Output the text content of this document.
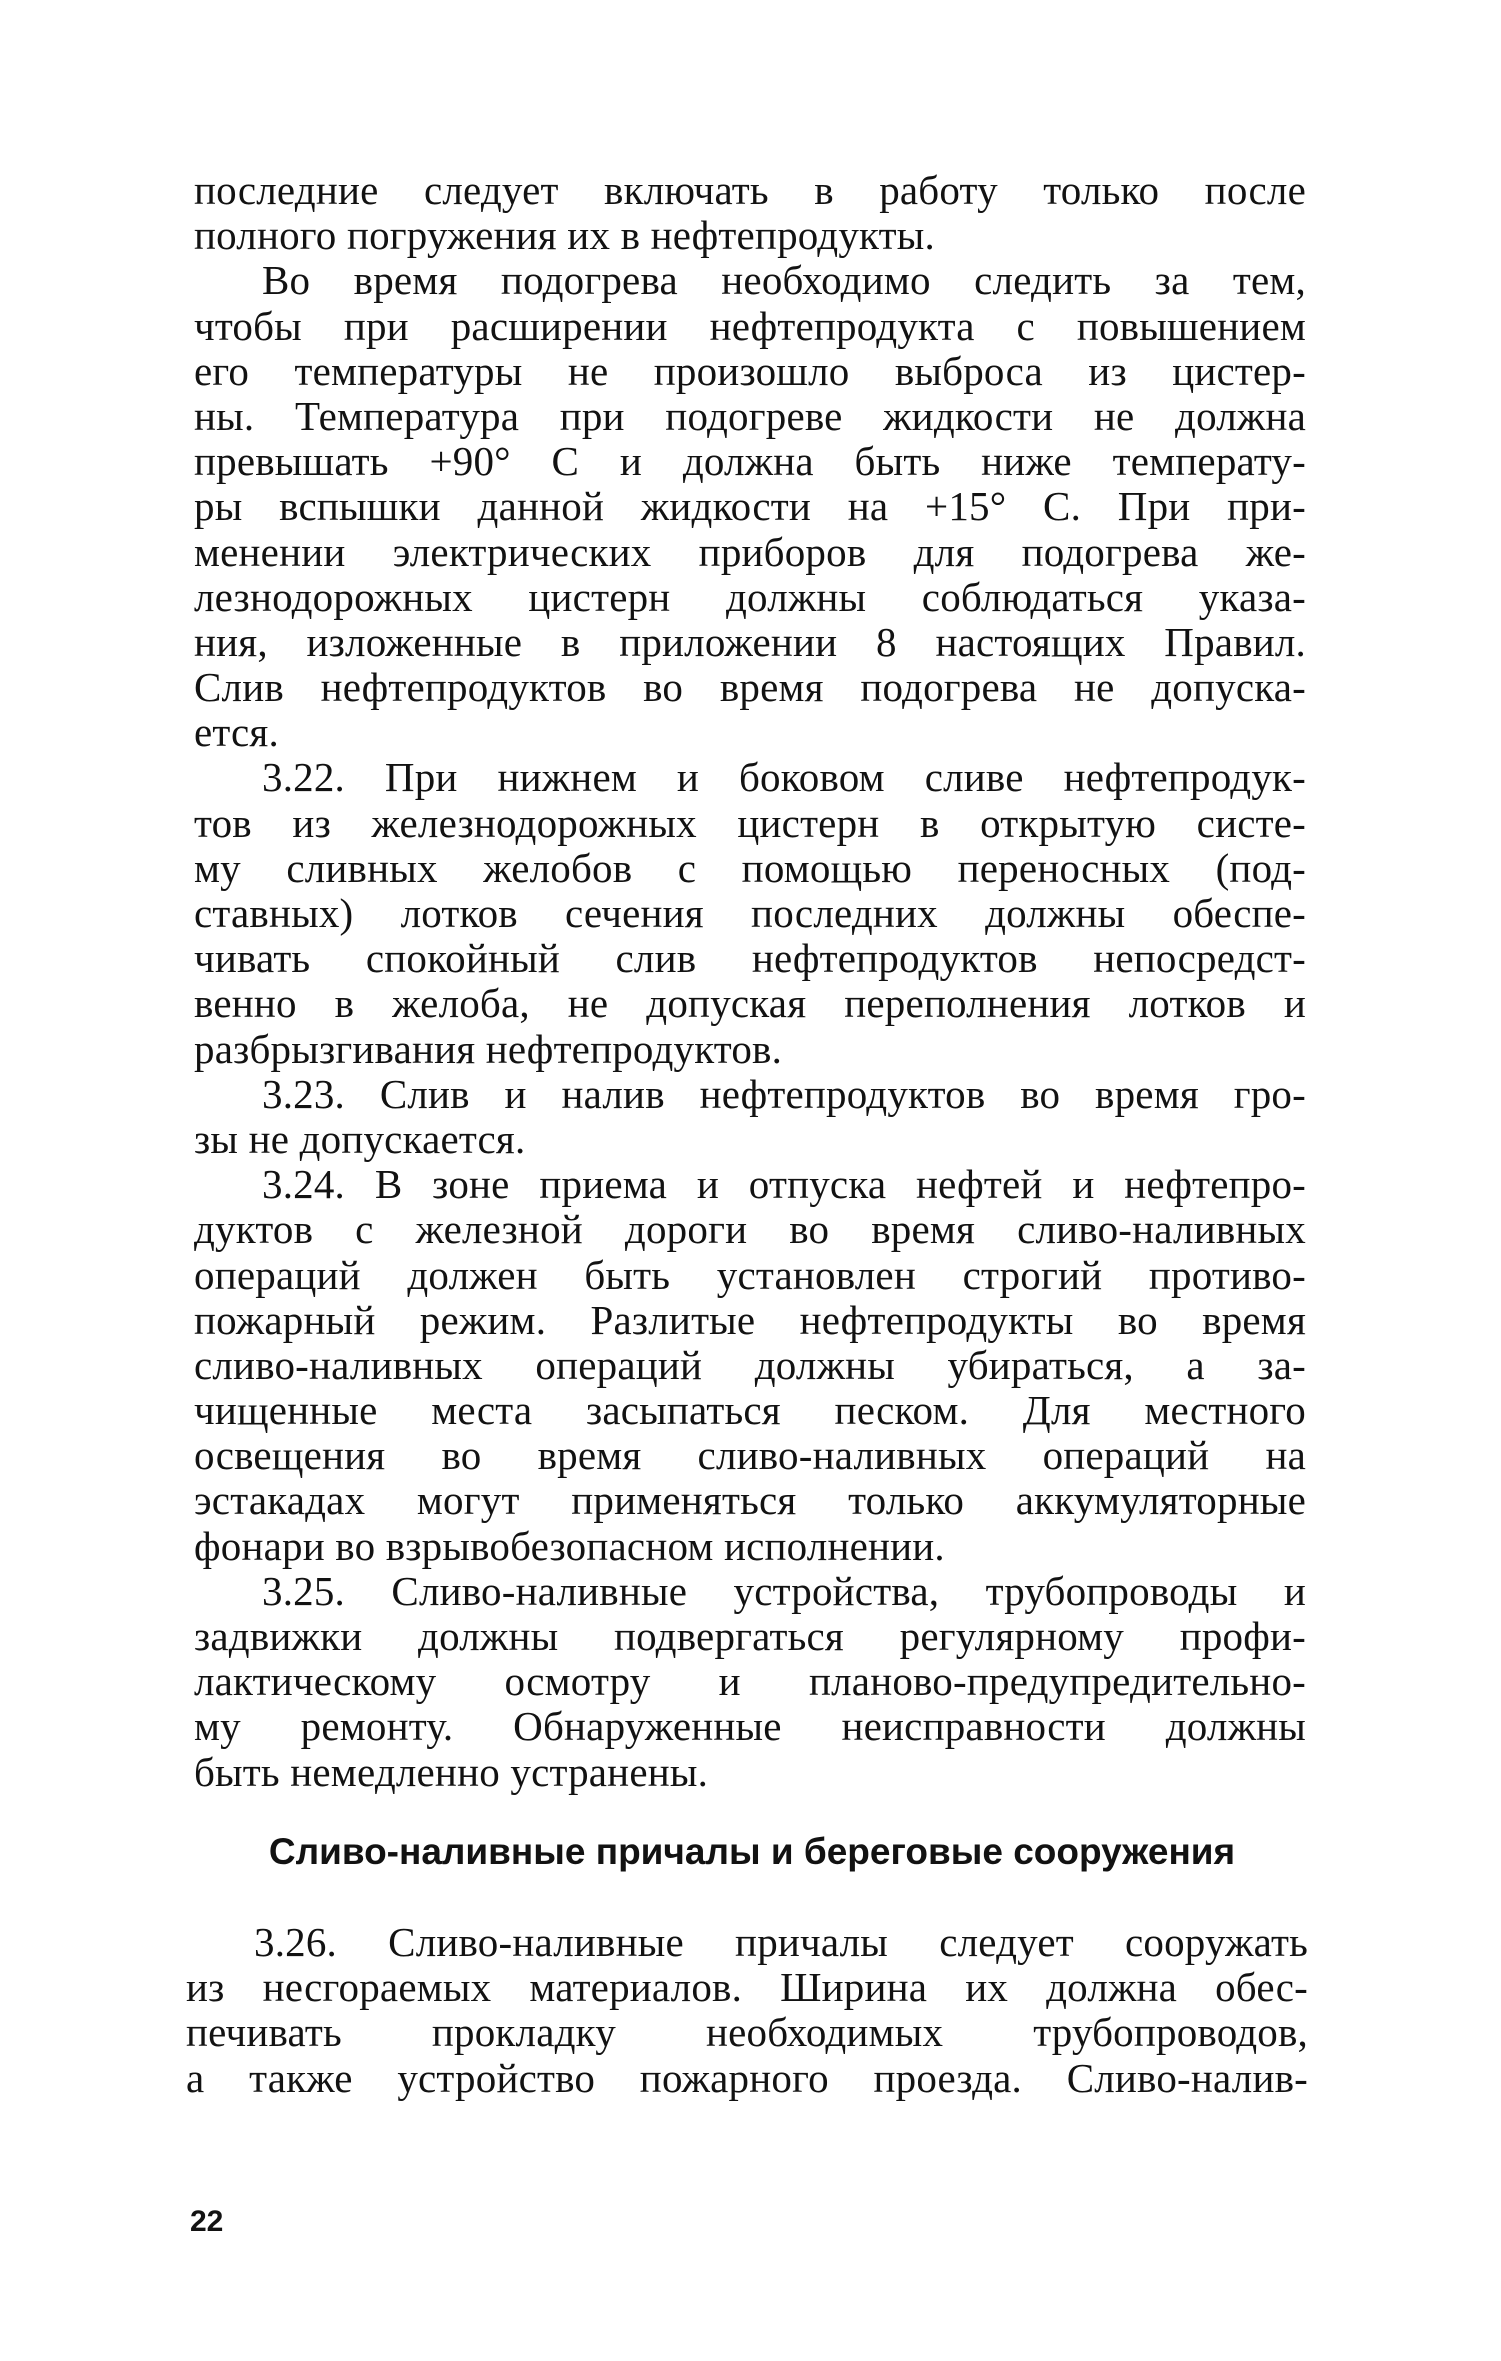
последние следует включать в работу только после
полного погружения их в нефтепродукты.
Во время подогрева необходимо следить за тем,
чтобы при расширении нефтепродукта с повышением
его температуры не произошло выброса из цистер-
ны. Температура при подогреве жидкости не должна
превышать +90° С и должна быть ниже температу-
ры вспышки данной жидкости на +15° С. При при-
менении электрических приборов для подогрева же-
лезнодорожных цистерн должны соблюдаться указа-
ния, изложенные в приложении 8 настоящих Правил.
Слив нефтепродуктов во время подогрева не допуска-
ется.
3.22. При нижнем и боковом сливе нефтепродук-
тов из железнодорожных цистерн в открытую систе-
му сливных желобов с помощью переносных (под-
ставных) лотков сечения последних должны обеспе-
чивать спокойный слив нефтепродуктов непосредст-
венно в желоба, не допуская переполнения лотков и
разбрызгивания нефтепродуктов.
3.23. Слив и налив нефтепродуктов во время гро-
зы не допускается.
3.24. В зоне приема и отпуска нефтей и нефтепро-
дуктов с железной дороги во время сливо-наливных
операций должен быть установлен строгий противо-
пожарный режим. Разлитые нефтепродукты во время
сливо-наливных операций должны убираться, а за-
чищенные места засыпаться песком. Для местного
освещения во время сливо-наливных операций на
эстакадах могут применяться только аккумуляторные
фонари во взрывобезопасном исполнении.
3.25. Сливо-наливные устройства, трубопроводы и
задвижки должны подвергаться регулярному профи-
лактическому осмотру и планово-предупредительно-
му ремонту. Обнаруженные неисправности должны
быть немедленно устранены.
Сливо-наливные причалы и береговые сооружения
3.26. Сливо-наливные причалы следует сооружать
из несгораемых материалов. Ширина их должна обес-
печивать прокладку необходимых трубопроводов,
а также устройство пожарного проезда. Сливо-налив-
22
